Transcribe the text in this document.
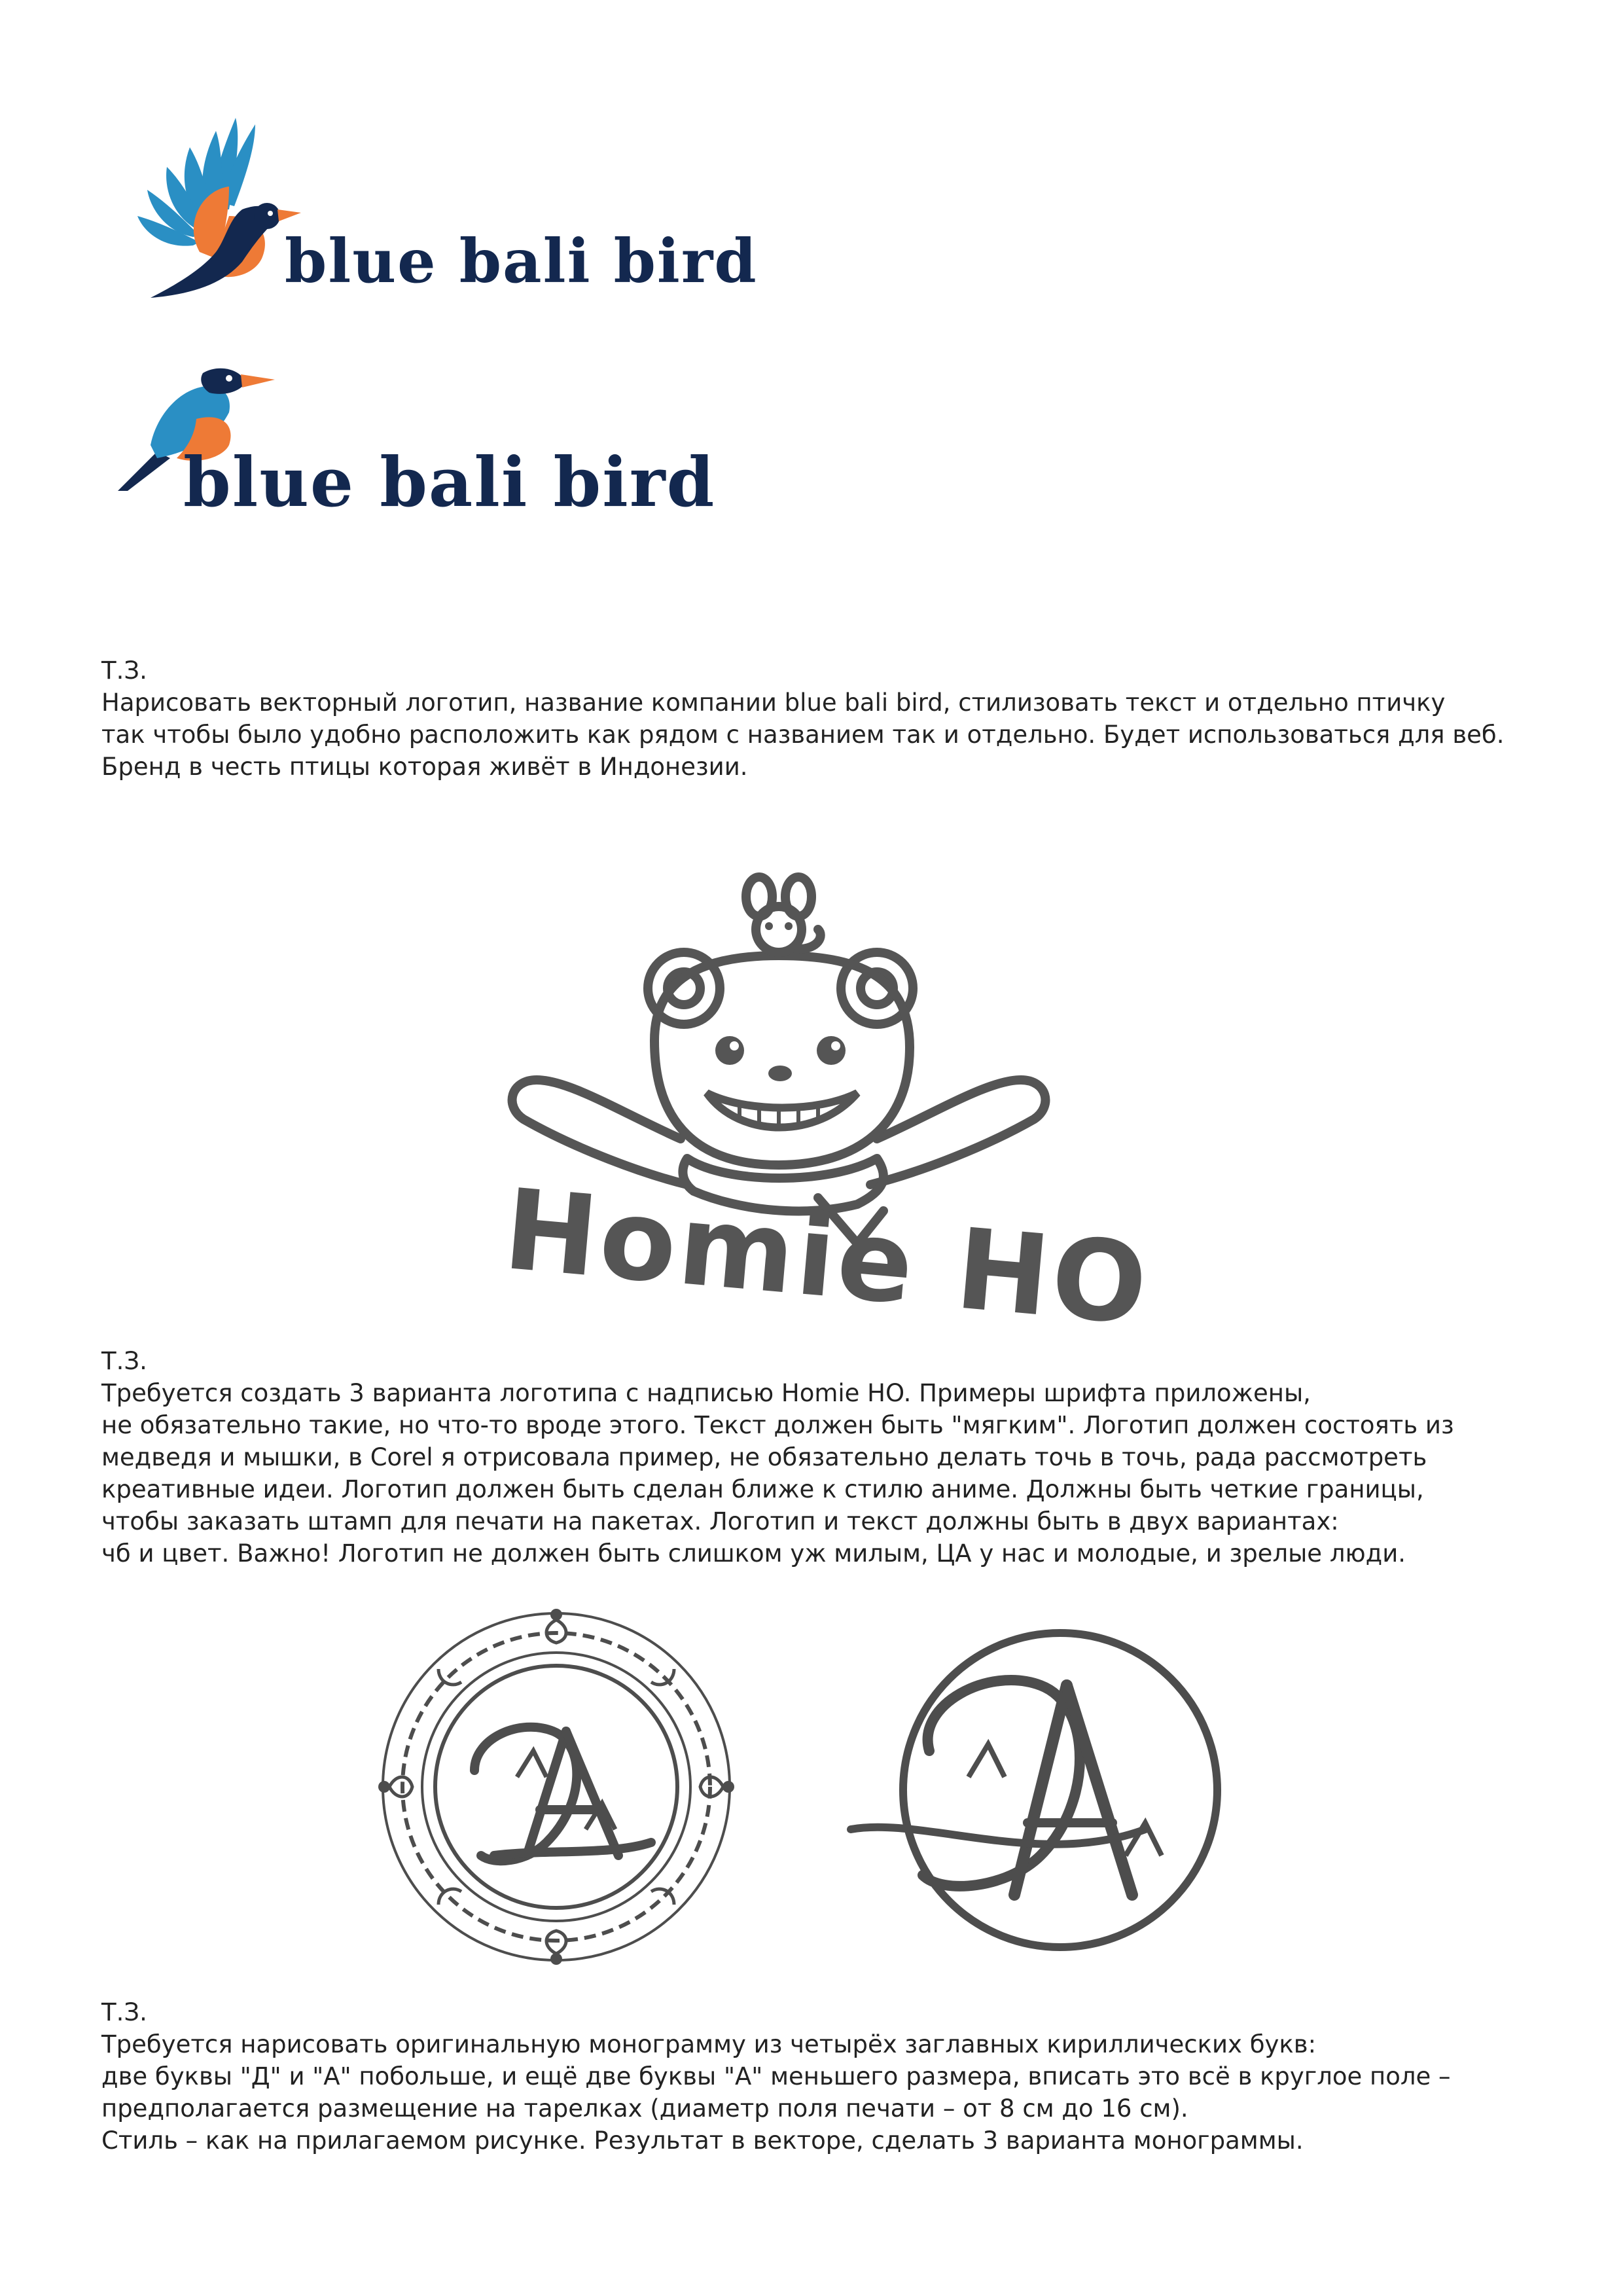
blue bali bird
blue bali bird

Т.З.

Нарисовать векторный логотип, название компании blue bali bird, стилизовать текст и отдельно птичку

так чтобы было удобно расположить как рядом с названием так и отдельно. Будет использоваться для веб.

Бренд в честь птицы которая живёт в Индонезии.

Homie HO

Т.З.

Требуется создать 3 варианта логотипа с надписью Homie HO. Примеры шрифта приложены,

не обязательно такие, но что-то вроде этого. Текст должен быть "мягким". Логотип должен состоять из

медведя и мышки, в Corel я отрисовала пример, не обязательно делать точь в точь, рада рассмотреть

креативные идеи. Логотип должен быть сделан ближе к стилю аниме. Должны быть четкие границы,

чтобы заказать штамп для печати на пакетах. Логотип и текст должны быть в двух вариантах:

чб и цвет. Важно! Логотип не должен быть слишком уж милым, ЦА у нас и молодые, и зрелые люди.

Т.З.

Требуется нарисовать оригинальную монограмму из четырёх заглавных кириллических букв:

две буквы "Д" и "А" побольше, и ещё две буквы "А" меньшего размера, вписать это всё в круглое поле –

предполагается размещение на тарелках (диаметр поля печати – от 8 см до 16 см).

Стиль – как на прилагаемом рисунке. Результат в векторе, сделать 3 варианта монограммы.
